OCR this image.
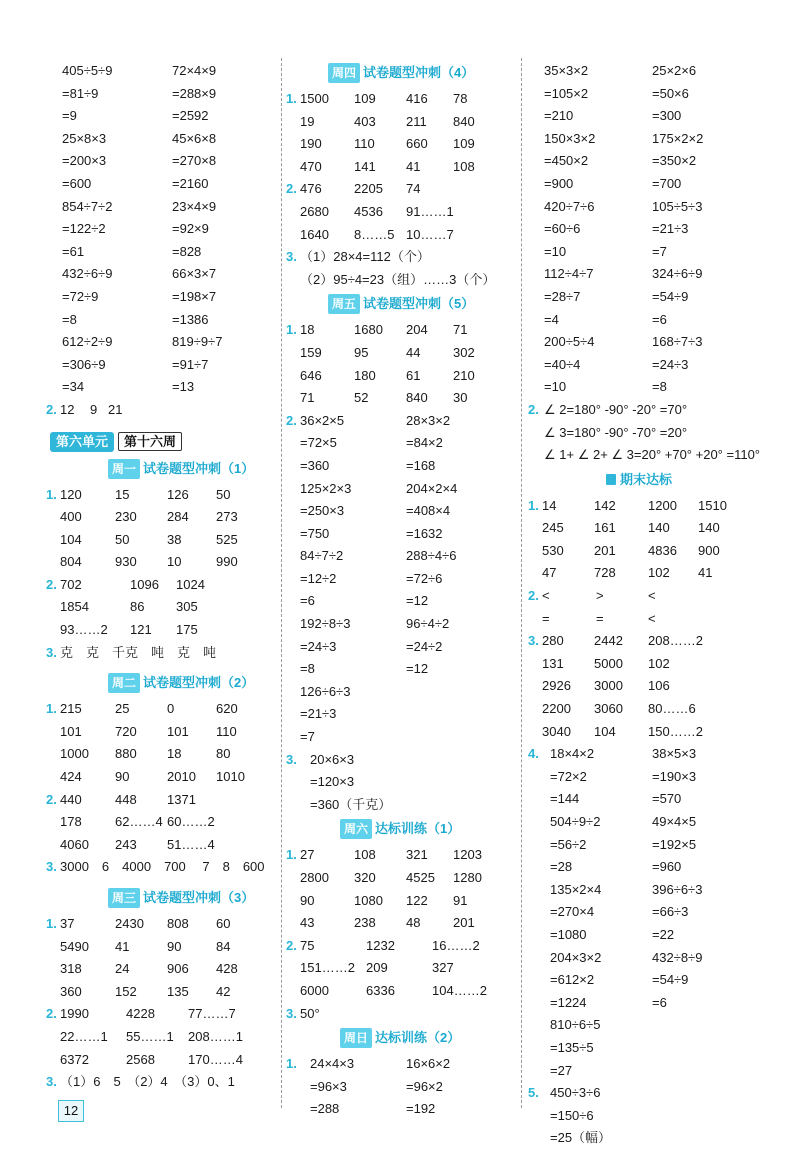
405÷5÷9	72×4×9
=81÷9	=288×9
=9	=2592
25×8×3	45×6×8
=200×3	=270×8
=600	=2160
854÷7÷2	23×4×9
=122÷2	=92×9
=61	=828
432÷6÷9	66×3×7
=72÷9	=198×7
=8	=1386
612÷2÷9	819÷9÷7
=306÷9	=91÷7
=34	=13
2. 12 9 21
第六单元 第十六周
周一 试卷题型冲刺（1）
1. 120	15	126 50
400	230 284 273
104	50	38	525
804	930 10	990
2. 702	1096 1024
1854	86 305
93……2 121 175
3. 克　克　千克　吨　克　吨
周二 试卷题型冲刺（2）
1. 215	25	0	620
101	720 101 110
1000 880 18	80
424	90	2010 1010
2. 440	448 1371
178	62……4 60……2
4060 243 51……4
3. 3000　6　4000　700　 7　8　600
周三 试卷题型冲刺（3）
1. 37	2430 808 60
5490 41	90	84
318	24	906 428
360	152 135 42
2. 1990	4228	77……7
22……1 55……1 208……1
6372	2568	170……4
3. （1）6　5　（2）4　（3）0、1
周四 试卷题型冲刺（4）
1. 1500 109 416 78
19	403 211 840
190 110 660 109
470 141 41	108
2. 476 2205 74
2680 4536 91……1
1640 8……5 10……7
3. （1）28×4=112（个）
（2）95÷4=23（组）……3（个）
周五 试卷题型冲刺（5）
1. 18	1680 204 71
159 95	44	302
646 180 61	210
71	52	840 30
2. 36×2×5	28×3×2
=72×5	=84×2
=360	=168
125×2×3	204×2×4
=250×3	=408×4
=750	=1632
84÷7÷2	288÷4÷6
=12÷2	=72÷6
=6	=12
192÷8÷3	96÷4÷2
=24÷3	=24÷2
=8	=12
126÷6÷3
=21÷3
=7
3. 20×6×3
=120×3
=360（千克）
周六 达标训练（1）
1. 27	108 321 1203
2800 320 4525 1280
90	1080 122 91
43	238 48	201
2. 75	1232	16……2
151……2 209	327
6000	6336	104……2
3. 50°
周日 达标训练（2）
1. 24×4×3	16×6×2
=96×3	=96×2
=288	=192
35×3×2	25×2×6
=105×2	=50×6
=210	=300
150×3×2	175×2×2
=450×2	=350×2
=900	=700
420÷7÷6	105÷5÷3
=60÷6	=21÷3
=10	=7
112÷4÷7	324÷6÷9
=28÷7	=54÷9
=4	=6
200÷5÷4	168÷7÷3
=40÷4	=24÷3
=10	=8
2. ∠ 2=180° -90° -20° =70°
∠ 3=180° -90° -70° =20°
∠ 1+ ∠ 2+ ∠ 3=20° +70° +20° =110°
期末达标
1. 14	142 1200 1510
245 161 140 140
530 201 4836 900
47	728 102 41
2. <	>	<
=	=	<
3. 280 2442 208……2
131 5000 102
2926 3000 106
2200 3060 80……6
3040 104 150……2
4. 18×4×2	38×5×3
=72×2	=190×3
=144	=570
504÷9÷2	49×4×5
=56÷2	=192×5
=28	=960
135×2×4	396÷6÷3
=270×4	=66÷3
=1080	=22
204×3×2	432÷8÷9
=612×2	=54÷9
=1224	=6
810÷6÷5
=135÷5
=27
5. 450÷3÷6
=150÷6
=25（幅）
12
